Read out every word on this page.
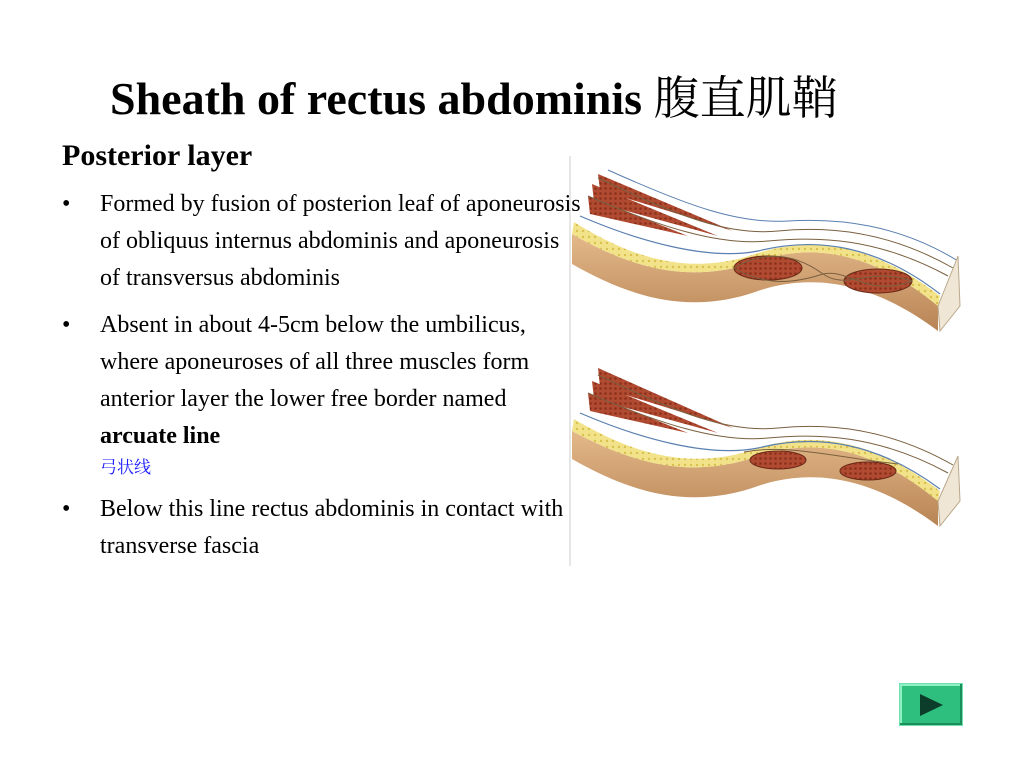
Sheath of rectus abdominis 腹直肌鞘
Posterior layer
• Formed by fusion of posterion leaf of aponeurosis of obliquus internus abdominis and aponeurosis of transversus abdominis
• Absent in about 4-5cm below the umbilicus, where aponeuroses of all three muscles form anterior layer the lower free border named arcuate line
弓状线
• Below this line rectus abdominis in contact with transverse fascia
